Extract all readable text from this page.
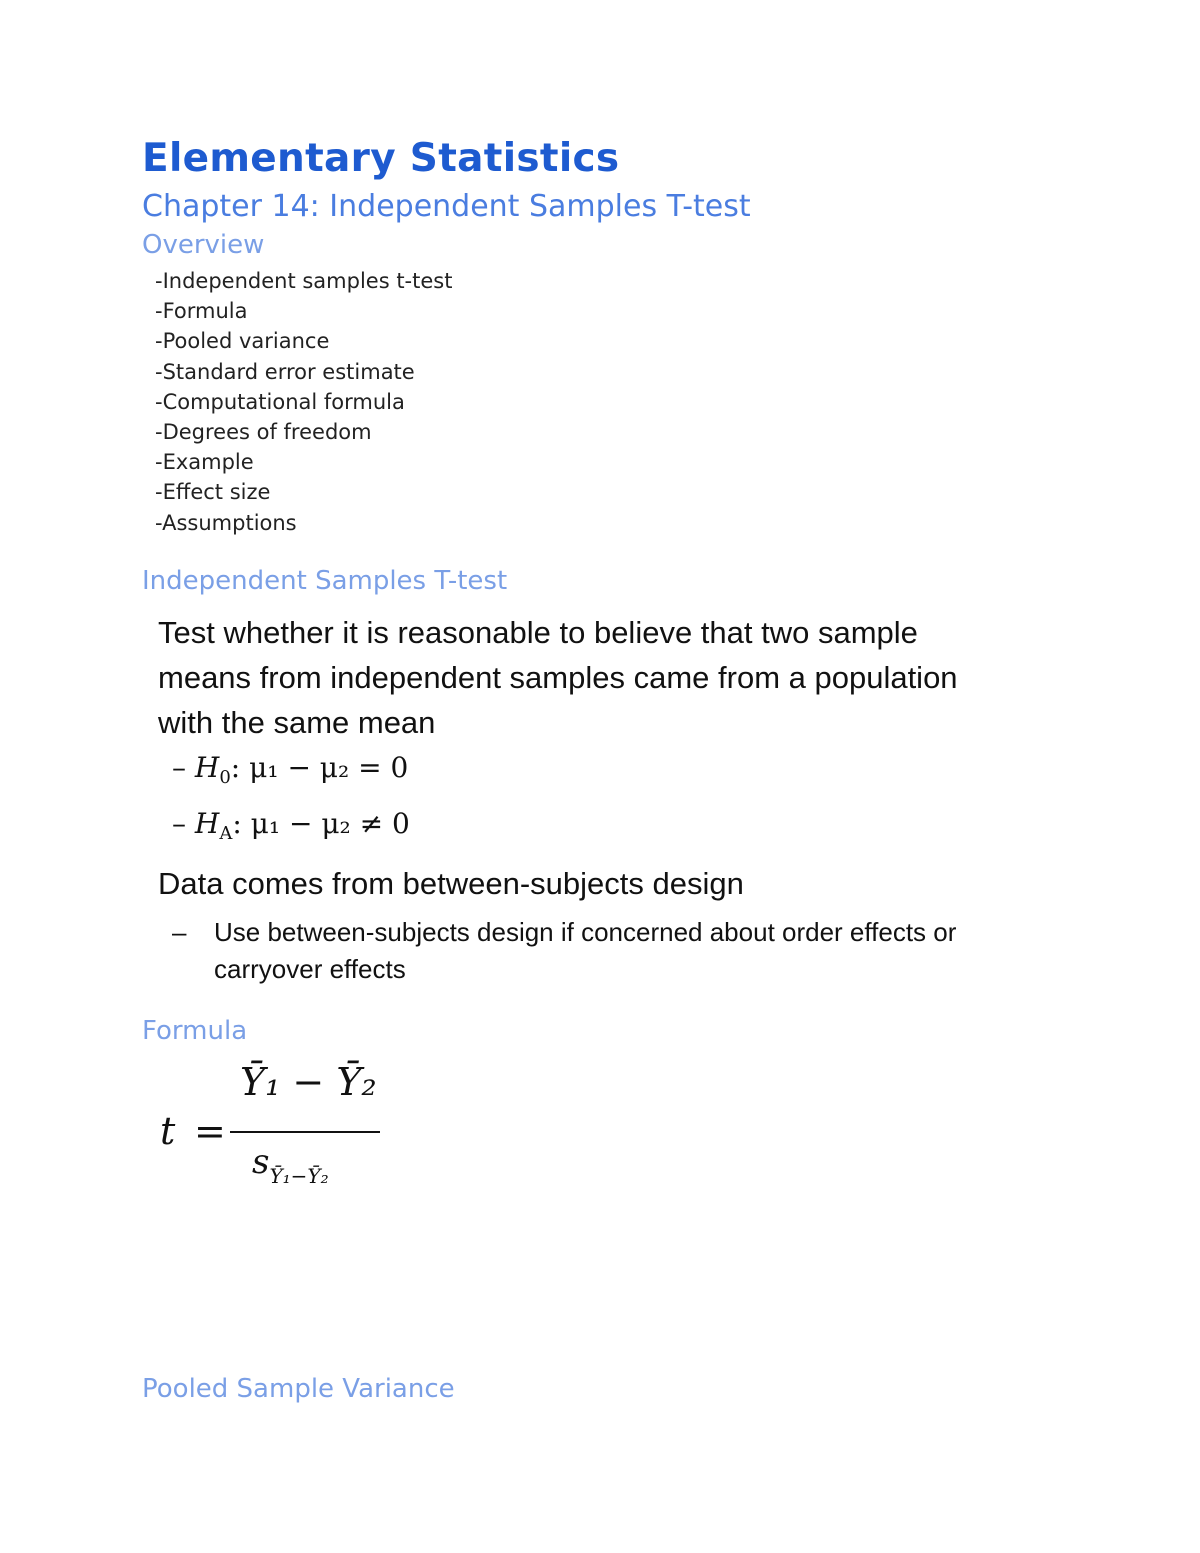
Elementary Statistics
Chapter 14: Independent Samples T-test
Overview
-Independent samples t-test
-Formula
-Pooled variance
-Standard error estimate
-Computational formula
-Degrees of freedom
-Example
-Effect size
-Assumptions
Independent Samples T-test

Test whether it is reasonable to believe that two sample means from independent samples came from a population with the same mean

– $H_0$: μ₁ − μ₂ = 0

– $H_A$: μ₁ − μ₂ ≠ 0

Data comes from between-subjects design

– Use between-subjects design if concerned about order effects or carryover effects
Formula
t =
Ȳ₁ − Ȳ₂
$s_{Ȳ_1-Ȳ_2}$
Pooled Sample Variance
